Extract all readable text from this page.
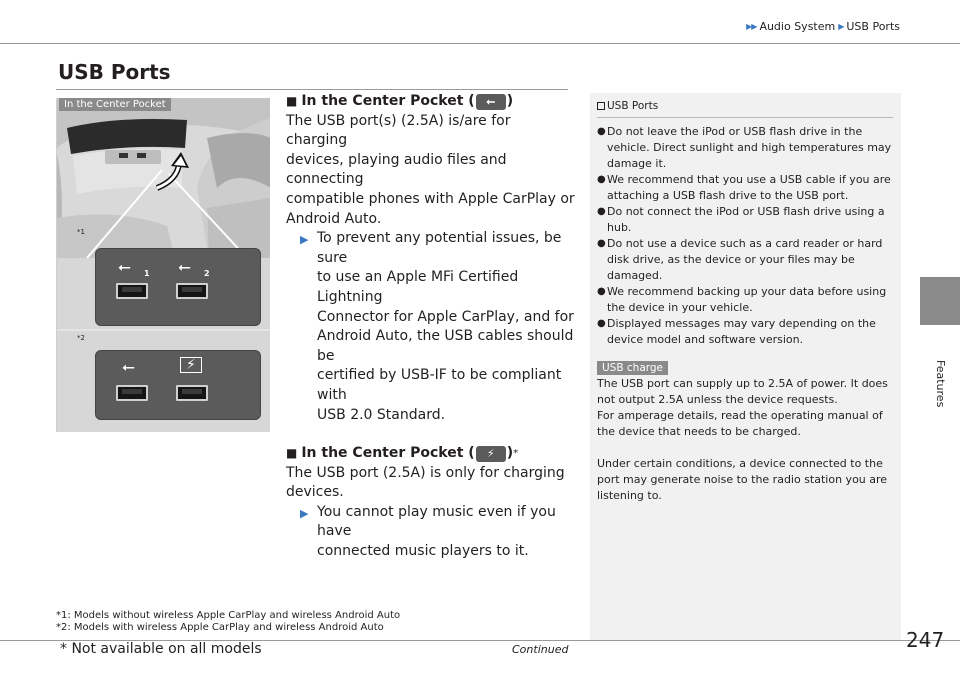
▶▶ Audio System ▶ USB Ports
USB Ports
Features
In the Center Pocket
*1
⭠ 1 ⭠ 2
*2
⭠	⚡
■ In the Center Pocket (	⭠ )
The USB port(s) (2.5A) is/are for charging
devices, playing audio files and connecting
compatible phones with Apple CarPlay or
Android Auto.
▶ To prevent any potential issues, be sure
to use an Apple MFi Certified Lightning
Connector for Apple CarPlay, and for
Android Auto, the USB cables should be
certified by USB-IF to be compliant with
USB 2.0 Standard.
■ In the Center Pocket (	⚡ ) *
The USB port (2.5A) is only for charging
devices.
▶ You cannot play music even if you have
connected music players to it.
USB Ports
● Do not leave the iPod or USB flash drive in the
vehicle. Direct sunlight and high temperatures may
damage it.
● We recommend that you use a USB cable if you are
attaching a USB flash drive to the USB port.
● Do not connect the iPod or USB flash drive using a
hub.
● Do not use a device such as a card reader or hard
disk drive, as the device or your files may be
damaged.
● We recommend backing up your data before using
the device in your vehicle.
● Displayed messages may vary depending on the
device model and software version.
USB charge
The USB port can supply up to 2.5A of power. It does
not output 2.5A unless the device requests.
For amperage details, read the operating manual of
the device that needs to be charged.
Under certain conditions, a device connected to the
port may generate noise to the radio station you are
listening to.
*1: Models without wireless Apple CarPlay and wireless Android Auto
*2: Models with wireless Apple CarPlay and wireless Android Auto
* Not available on all models	Continued	247
